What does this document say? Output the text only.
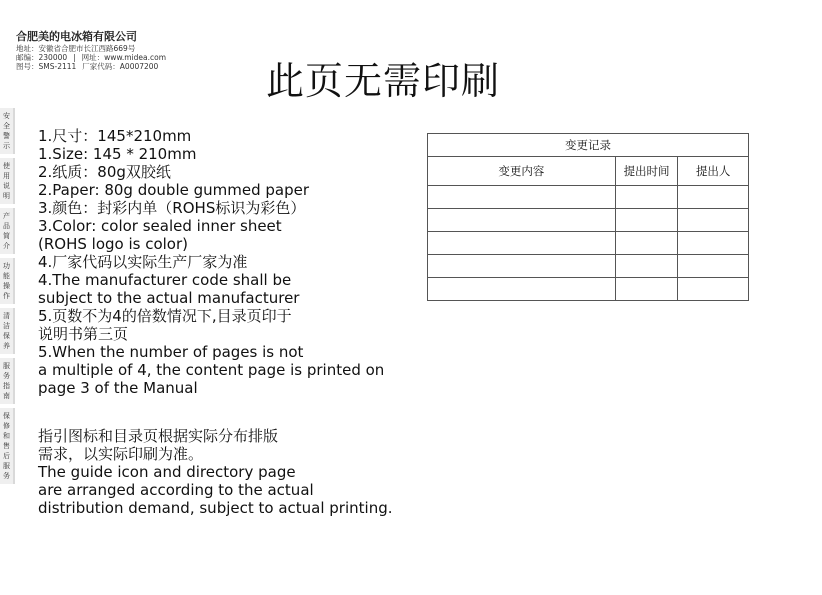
合肥美的电冰箱有限公司
地址：安徽省合肥市长江西路669号
邮编：230000 | 网址：www.midea.com
图号：SMS-2111 厂家代码：A0007200	此页无需印刷
安全警示
使用说明
产品简介
功能操作
清洁保养
服务指南
保修和售后服务
1.尺寸：145*210mm
1.Size: 145 * 210mm
2.纸质：80g双胶纸
2.Paper: 80g double gummed paper
3.颜色：封彩内单（ROHS标识为彩色）
3.Color: color sealed inner sheet
(ROHS logo is color)
4.厂家代码以实际生产厂家为准
4.The manufacturer code shall be
subject to the actual manufacturer
5.页数不为4的倍数情况下,目录页印于
说明书第三页
5.When the number of pages is not
a multiple of 4, the content page is printed on
page 3 of the Manual
指引图标和目录页根据实际分布排版
需求，以实际印刷为准。
The guide icon and directory page
are arranged according to the actual
distribution demand, subject to actual printing.
变更记录		
变更内容	提出时间	提出人
